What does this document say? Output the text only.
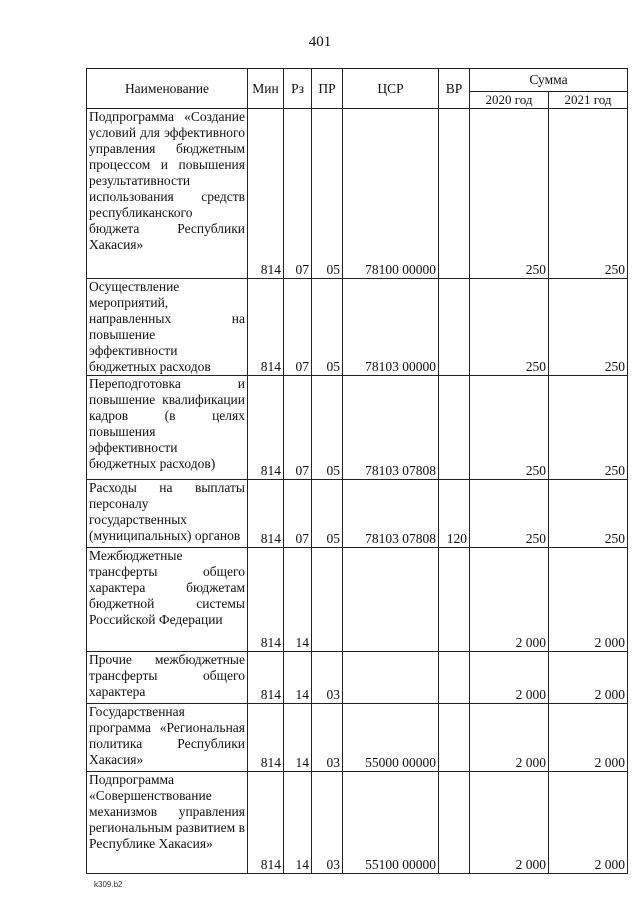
401
Наименование	Мин	Рз	ПР	ЦСР	ВР	Сумма	
						2020 год	2021 год
Подпрограмма «Создание условий для эффективного управления бюджетным процессом и повышения результативности использования средств республиканского бюджета Республики Хакасия»	814	07	05	78100 00000		250	250
Осуществление мероприятий, направленных на повышение эффективности бюджетных расходов	814	07	05	78103 00000		250	250
Переподготовка и повышение квалификации кадров (в целях повышения эффективности бюджетных расходов)	814	07	05	78103 07808		250	250
Расходы на выплаты персоналу государственных (муниципальных) органов	814	07	05	78103 07808	120	250	250
Межбюджетные трансферты общего характера бюджетам бюджетной системы Российской Федерации	814	14				2 000	2 000
Прочие межбюджетные трансферты общего характера	814	14	03			2 000	2 000
Государственная программа «Региональная политика Республики Хакасия»	814	14	03	55000 00000		2 000	2 000
Подпрограмма «Совершенствование механизмов управления региональным развитием в Республике Хакасия»	814	14	03	55100 00000		2 000	2 000
k309.b2
